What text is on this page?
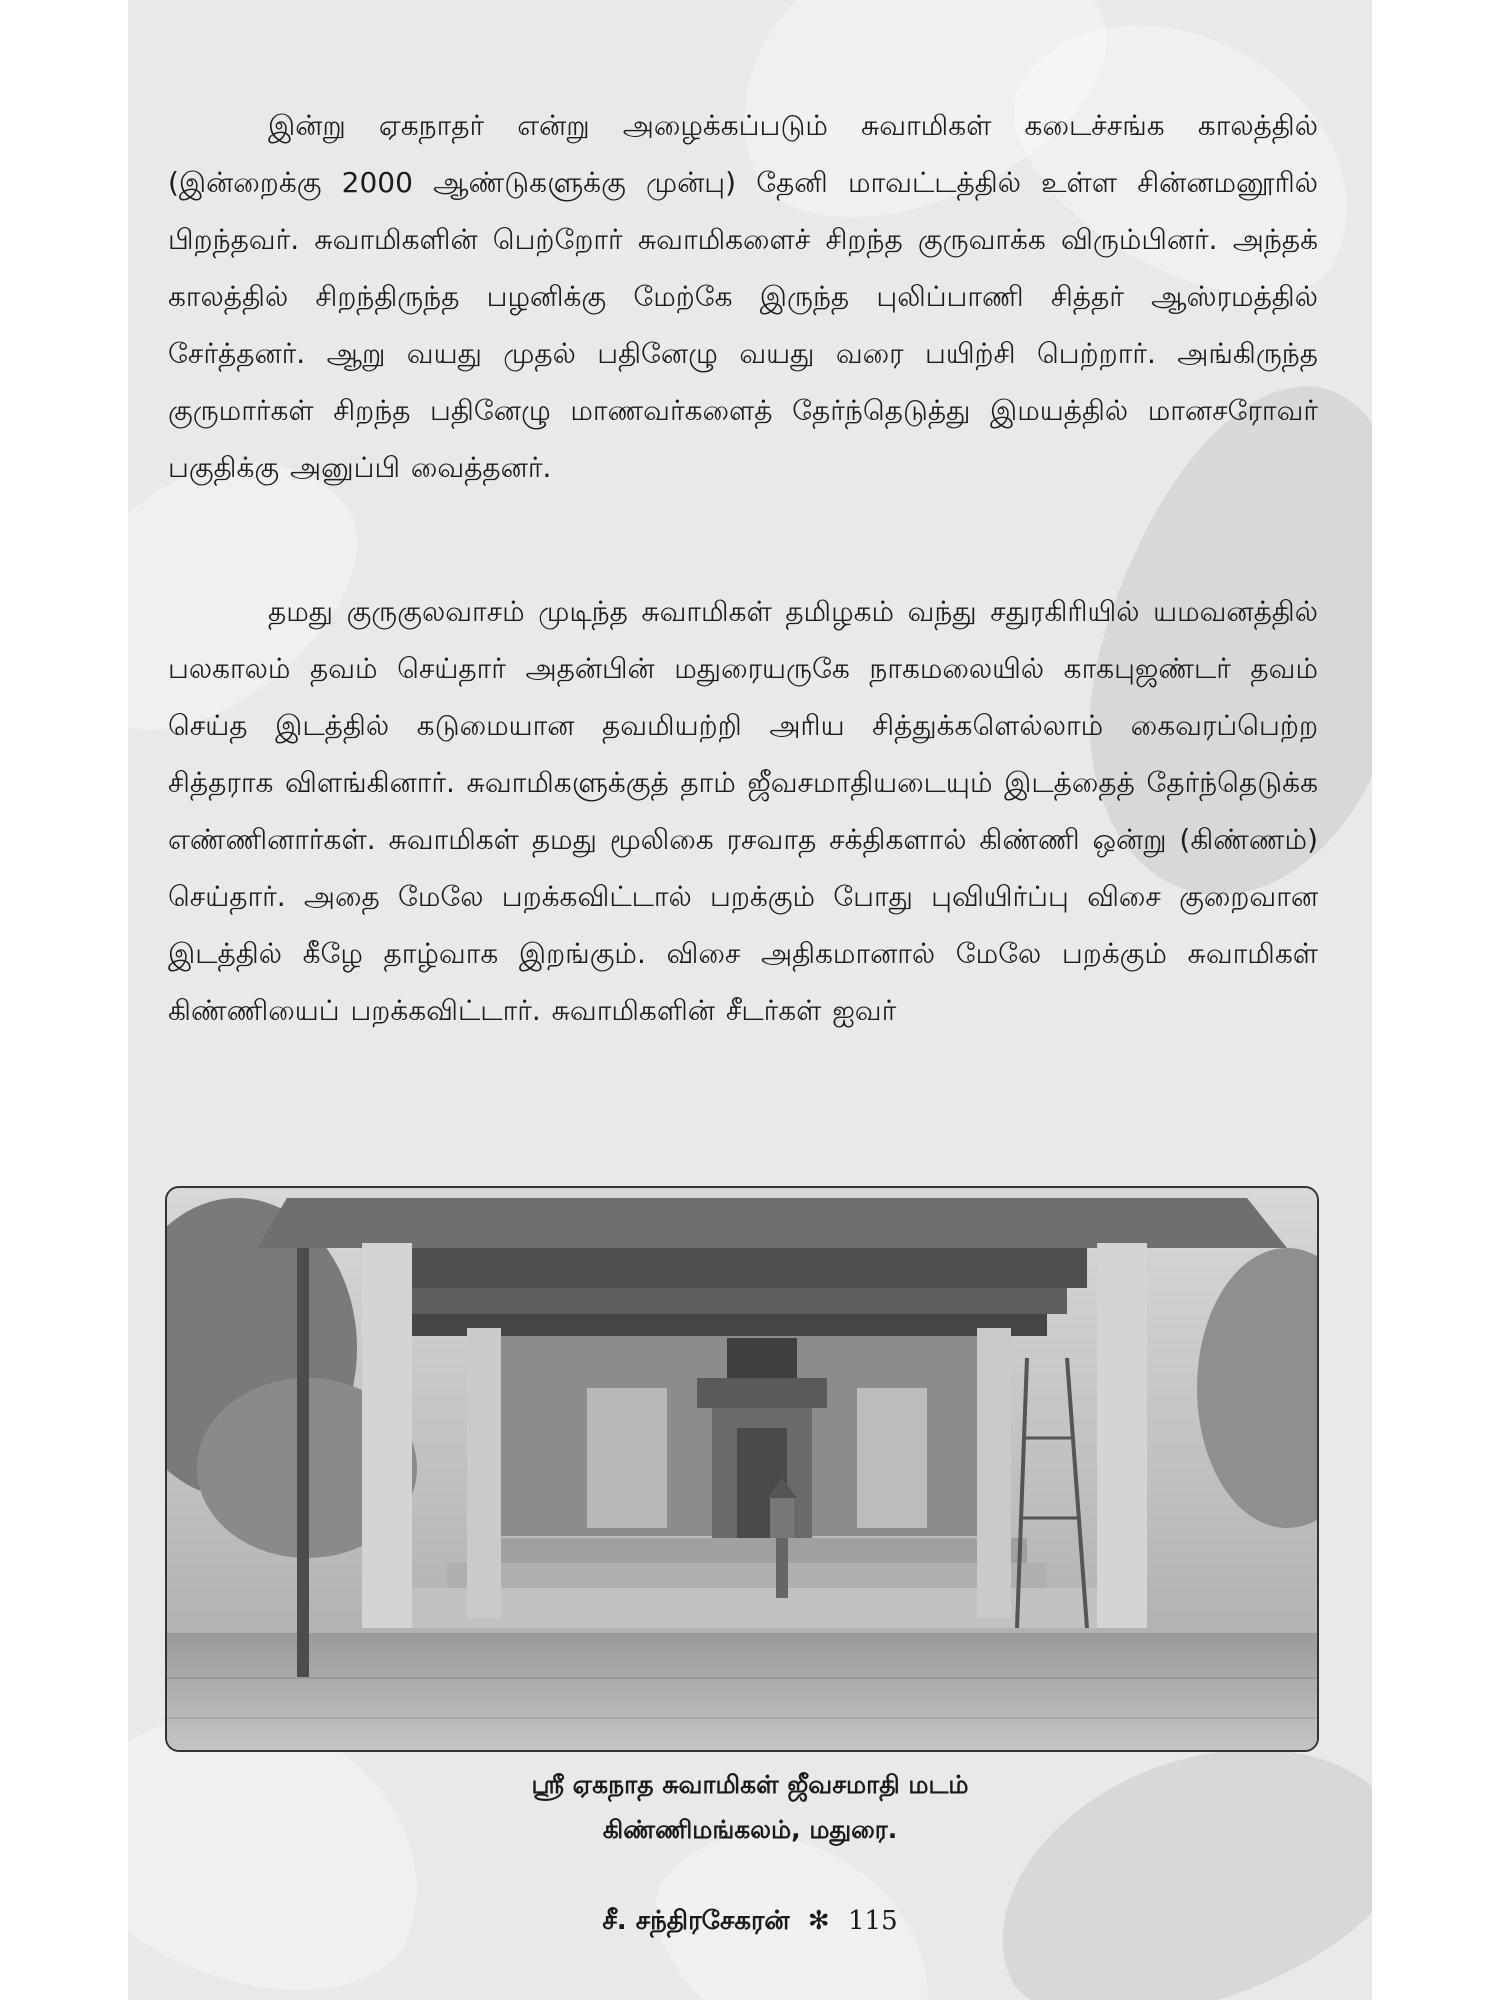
இன்று ஏகநாதர் என்று அழைக்கப்படும் சுவாமிகள் கடைச்சங்க காலத்தில் (இன்றைக்கு 2000 ஆண்டுகளுக்கு முன்பு) தேனி மாவட்டத்தில் உள்ள சின்னமனூரில் பிறந்தவர். சுவாமிகளின் பெற்றோர் சுவாமிகளைச் சிறந்த குருவாக்க விரும்பினர். அந்தக் காலத்தில் சிறந்திருந்த பழனிக்கு மேற்கே இருந்த புலிப்பாணி சித்தர் ஆஸ்ரமத்தில் சேர்த்தனர். ஆறு வயது முதல் பதினேழு வயது வரை பயிற்சி பெற்றார். அங்கிருந்த குருமார்கள் சிறந்த பதினேழு மாணவர்களைத் தேர்ந்தெடுத்து இமயத்தில் மானசரோவர் பகுதிக்கு அனுப்பி வைத்தனர்.

தமது குருகுலவாசம் முடிந்த சுவாமிகள் தமிழகம் வந்து சதுரகிரியில் யமவனத்தில் பலகாலம் தவம் செய்தார் அதன்பின் மதுரையருகே நாகமலையில் காகபுஜண்டர் தவம் செய்த இடத்தில் கடுமையான தவமியற்றி அரிய சித்துக்களெல்லாம் கைவரப்பெற்ற சித்தராக விளங்கினார். சுவாமிகளுக்குத் தாம் ஜீவசமாதியடையும் இடத்தைத் தேர்ந்தெடுக்க எண்ணினார்கள். சுவாமிகள் தமது மூலிகை ரசவாத சக்திகளால் கிண்ணி ஒன்று (கிண்ணம்) செய்தார். அதை மேலே பறக்கவிட்டால் பறக்கும் போது புவியிர்ப்பு விசை குறைவான இடத்தில் கீழே தாழ்வாக இறங்கும். விசை அதிகமானால் மேலே பறக்கும் சுவாமிகள் கிண்ணியைப் பறக்கவிட்டார். சுவாமிகளின் சீடர்கள் ஐவர்

ஸ்ரீ ஏகநாத சுவாமிகள் ஜீவசமாதி மடம்
கிண்ணிமங்கலம், மதுரை.
சீ. சந்திரசேகரன் ✻ 115
